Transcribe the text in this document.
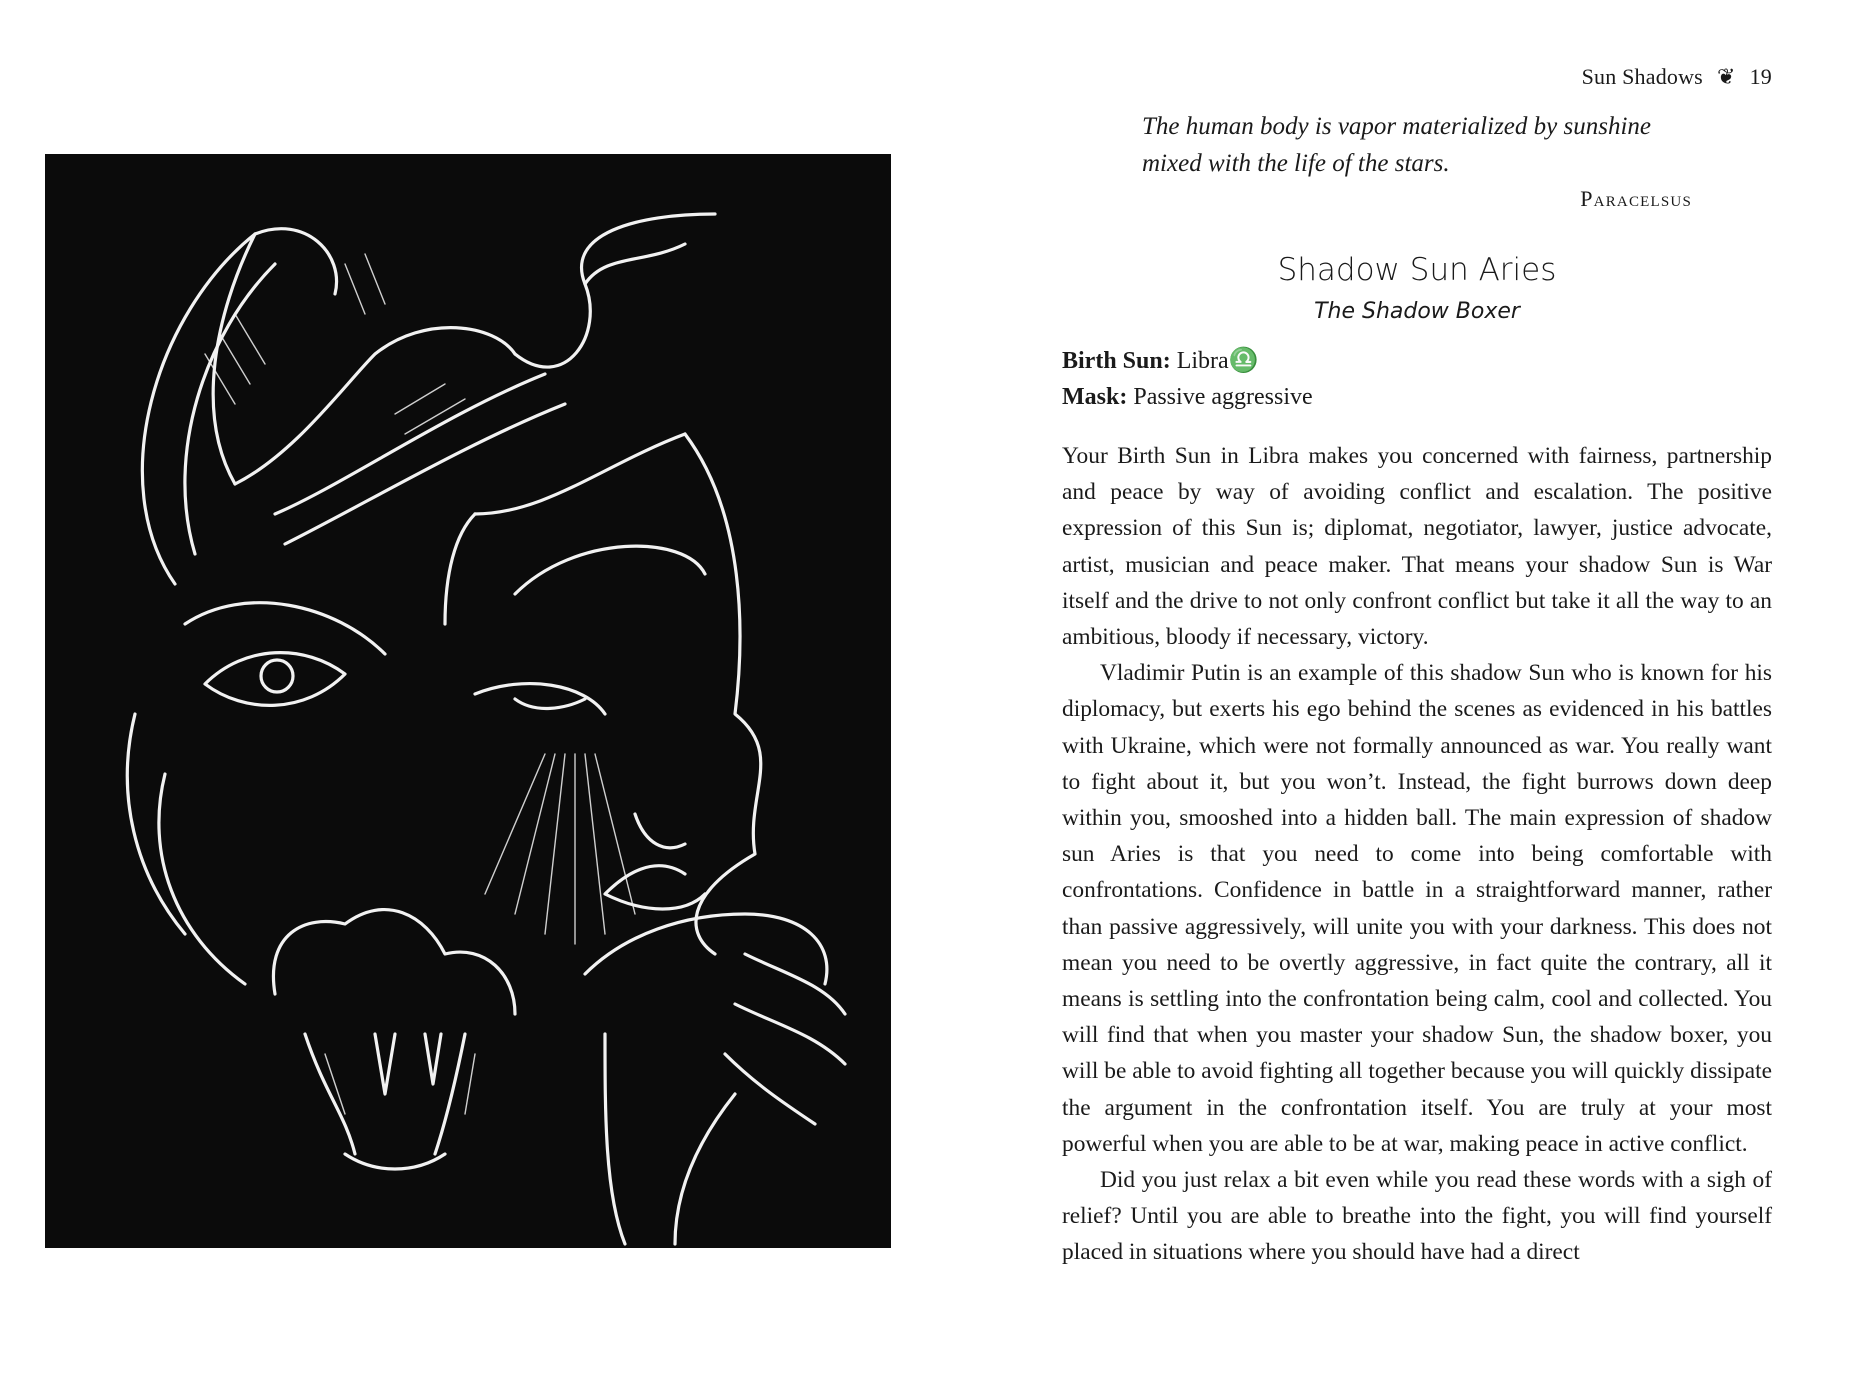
Sun Shadows ❦ 19
The human body is vapor materialized by sunshine mixed with the life of the stars.
Paracelsus
Shadow Sun Aries
The Shadow Boxer
Birth Sun: Libra♎
Mask: Passive aggressive

Your Birth Sun in Libra makes you concerned with fairness, partnership and peace by way of avoiding conflict and escalation. The positive expression of this Sun is; diplomat, negotiator, lawyer, justice advocate, artist, musician and peace maker. That means your shadow Sun is War itself and the drive to not only confront conflict but take it all the way to an ambitious, bloody if necessary, victory.

Vladimir Putin is an example of this shadow Sun who is known for his diplomacy, but exerts his ego behind the scenes as evidenced in his battles with Ukraine, which were not formally announced as war. You really want to fight about it, but you won’t. Instead, the fight burrows down deep within you, smooshed into a hidden ball. The main expression of shadow sun Aries is that you need to come into being comfortable with confrontations. Confidence in battle in a straightforward manner, rather than passive aggressively, will unite you with your darkness. This does not mean you need to be overtly aggressive, in fact quite the contrary, all it means is settling into the confrontation being calm, cool and collected. You will find that when you master your shadow Sun, the shadow boxer, you will be able to avoid fighting all together because you will quickly dissipate the argument in the confrontation itself. You are truly at your most powerful when you are able to be at war, making peace in active conflict.

Did you just relax a bit even while you read these words with a sigh of relief? Until you are able to breathe into the fight, you will find yourself placed in situations where you should have had a direct
